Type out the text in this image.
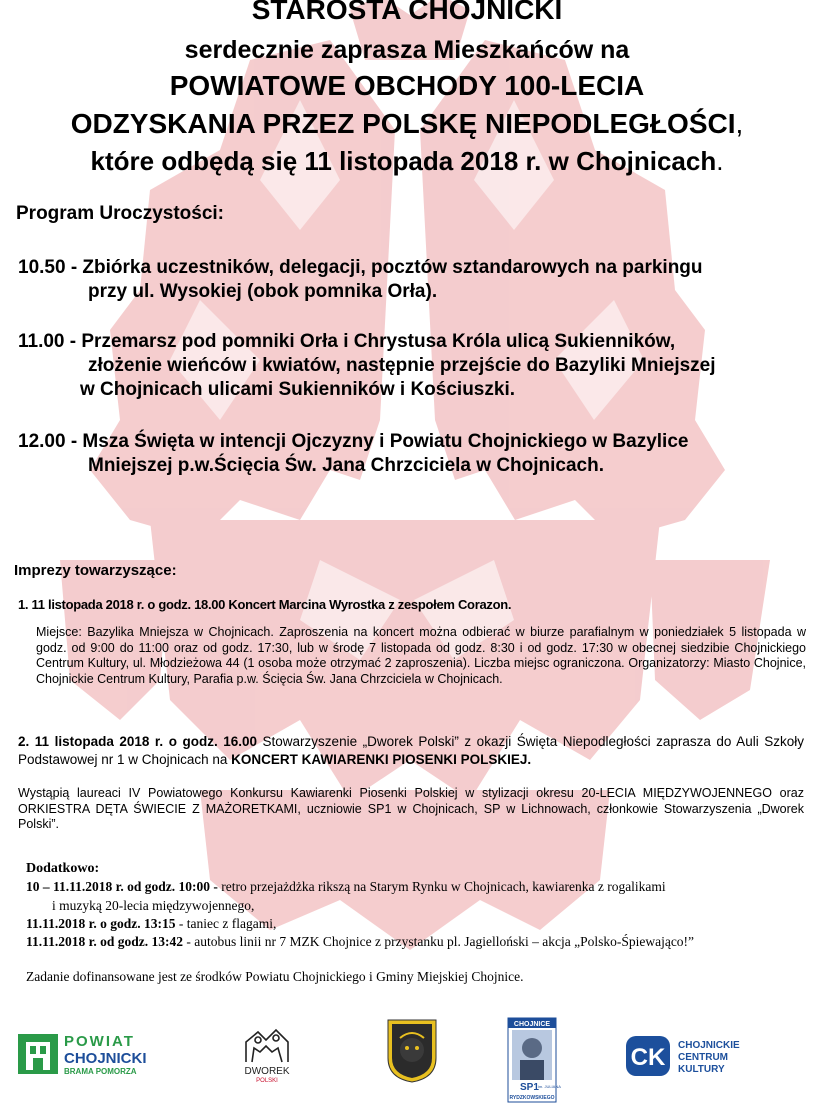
STAROSTA CHOJNICKI
serdecznie zaprasza Mieszkańców na
POWIATOWE OBCHODY 100-LECIA
ODZYSKANIA PRZEZ POLSKĘ NIEPODLEGŁOŚCI,
które odbędą się 11 listopada 2018 r. w Chojnicach.
Program Uroczystości:
10.50 - Zbiórka uczestników, delegacji, pocztów sztandarowych na parkingu
przy ul. Wysokiej (obok pomnika Orła).
11.00 - Przemarsz pod pomniki Orła i Chrystusa Króla ulicą Sukienników,
złożenie wieńców i kwiatów, następnie przejście do Bazyliki Mniejszej
w Chojnicach ulicami Sukienników i Kościuszki.
12.00 - Msza Święta w intencji Ojczyzny i Powiatu Chojnickiego w Bazylice
Mniejszej p.w.Ścięcia Św. Jana Chrzciciela w Chojnicach.
Imprezy towarzyszące:
1. 11 listopada 2018 r. o godz. 18.00 Koncert Marcina Wyrostka z zespołem Corazon.
Miejsce: Bazylika Mniejsza w Chojnicach. Zaproszenia na koncert można odbierać w biurze parafialnym w poniedziałek 5 listopada w godz. od 9:00 do 11:00 oraz od godz. 17:30, lub w środę 7 listopada od godz. 8:30 i od godz. 17:30 w obecnej siedzibie Chojnickiego Centrum Kultury, ul. Młodzieżowa 44 (1 osoba może otrzymać 2 zaproszenia). Liczba miejsc ograniczona. Organizatorzy: Miasto Chojnice, Chojnickie Centrum Kultury, Parafia p.w. Ścięcia Św. Jana Chrzciciela w Chojnicach.
2. 11 listopada 2018 r. o godz. 16.00 Stowarzyszenie „Dworek Polski” z okazji Święta Niepodległości zaprasza do Auli Szkoły Podstawowej nr 1 w Chojnicach na KONCERT KAWIARENKI PIOSENKI POLSKIEJ.
Wystąpią laureaci IV Powiatowego Konkursu Kawiarenki Piosenki Polskiej w stylizacji okresu 20-LECIA MIĘDZYWOJENNEGO oraz ORKIESTRA DĘTA ŚWIECIE Z MAŻORETKAMI, uczniowie SP1 w Chojnicach, SP w Lichnowach, członkowie Stowarzyszenia „Dworek Polski”.
Dodatkowo:
10 – 11.11.2018 r. od godz. 10:00 - retro przejażdżka rikszą na Starym Rynku w Chojnicach, kawiarenka z rogalikami
i muzyką 20-lecia międzywojennego,
11.11.2018 r. o godz. 13:15 - taniec z flagami,
11.11.2018 r. od godz. 13:42 - autobus linii nr 7 MZK Chojnice z przystanku pl. Jagielloński – akcja „Polsko-Śpiewająco!”
Zadanie dofinansowane jest ze środków Powiatu Chojnickiego i Gminy Miejskiej Chojnice.
POWIAT
CHOJNICKI
BRAMA POMORZA	DWOREK
POLSKI
CHOJNICE
SP1 im. JULIANA
RYDZKOWSKIEGO
CK CHOJNICKIE
CENTRUM
KULTURY
